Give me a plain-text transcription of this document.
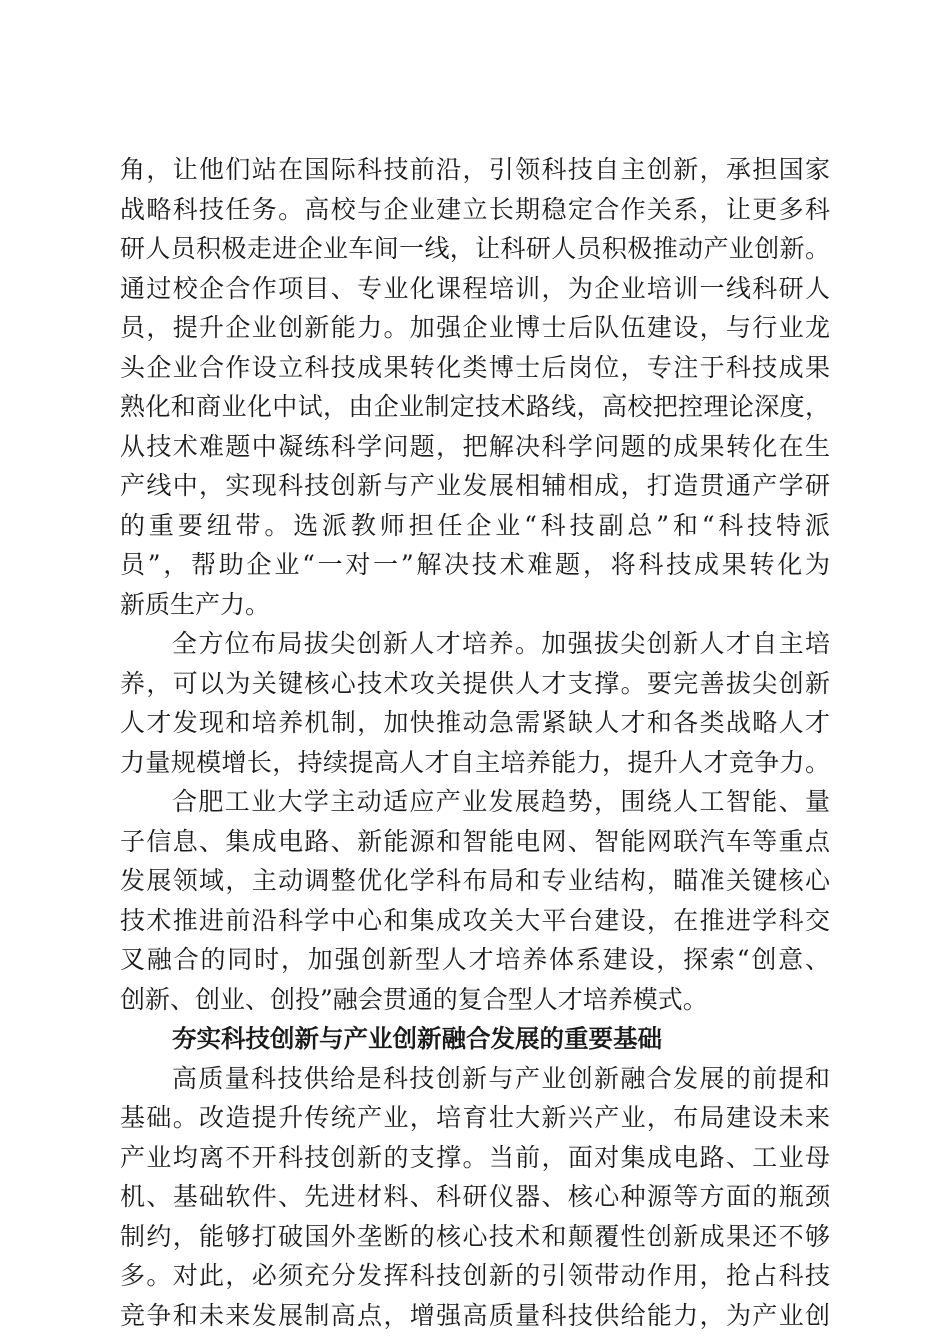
角，让他们站在国际科技前沿，引领科技自主创新，承担国家
战略科技任务。高校与企业建立长期稳定合作关系，让更多科
研人员积极走进企业车间一线，让科研人员积极推动产业创新。
通过校企合作项目、专业化课程培训，为企业培训一线科研人
员，提升企业创新能力。加强企业博士后队伍建设，与行业龙
头企业合作设立科技成果转化类博士后岗位，专注于科技成果
熟化和商业化中试，由企业制定技术路线，高校把控理论深度，
从技术难题中凝练科学问题，把解决科学问题的成果转化在生
产线中，实现科技创新与产业发展相辅相成，打造贯通产学研
的重要纽带。选派教师担任企业“科技副总”和“科技特派
员”，帮助企业“一对一”解决技术难题，将科技成果转化为
新质生产力。
全方位布局拔尖创新人才培养。加强拔尖创新人才自主培
养，可以为关键核心技术攻关提供人才支撑。要完善拔尖创新
人才发现和培养机制，加快推动急需紧缺人才和各类战略人才
力量规模增长，持续提高人才自主培养能力，提升人才竞争力。
合肥工业大学主动适应产业发展趋势，围绕人工智能、量
子信息、集成电路、新能源和智能电网、智能网联汽车等重点
发展领域，主动调整优化学科布局和专业结构，瞄准关键核心
技术推进前沿科学中心和集成攻关大平台建设，在推进学科交
叉融合的同时，加强创新型人才培养体系建设，探索“创意、
创新、创业、创投”融会贯通的复合型人才培养模式。
夯实科技创新与产业创新融合发展的重要基础
高质量科技供给是科技创新与产业创新融合发展的前提和
基础。改造提升传统产业，培育壮大新兴产业，布局建设未来
产业均离不开科技创新的支撑。当前，面对集成电路、工业母
机、基础软件、先进材料、科研仪器、核心种源等方面的瓶颈
制约，能够打破国外垄断的核心技术和颠覆性创新成果还不够
多。对此，必须充分发挥科技创新的引领带动作用，抢占科技
竞争和未来发展制高点，增强高质量科技供给能力，为产业创
